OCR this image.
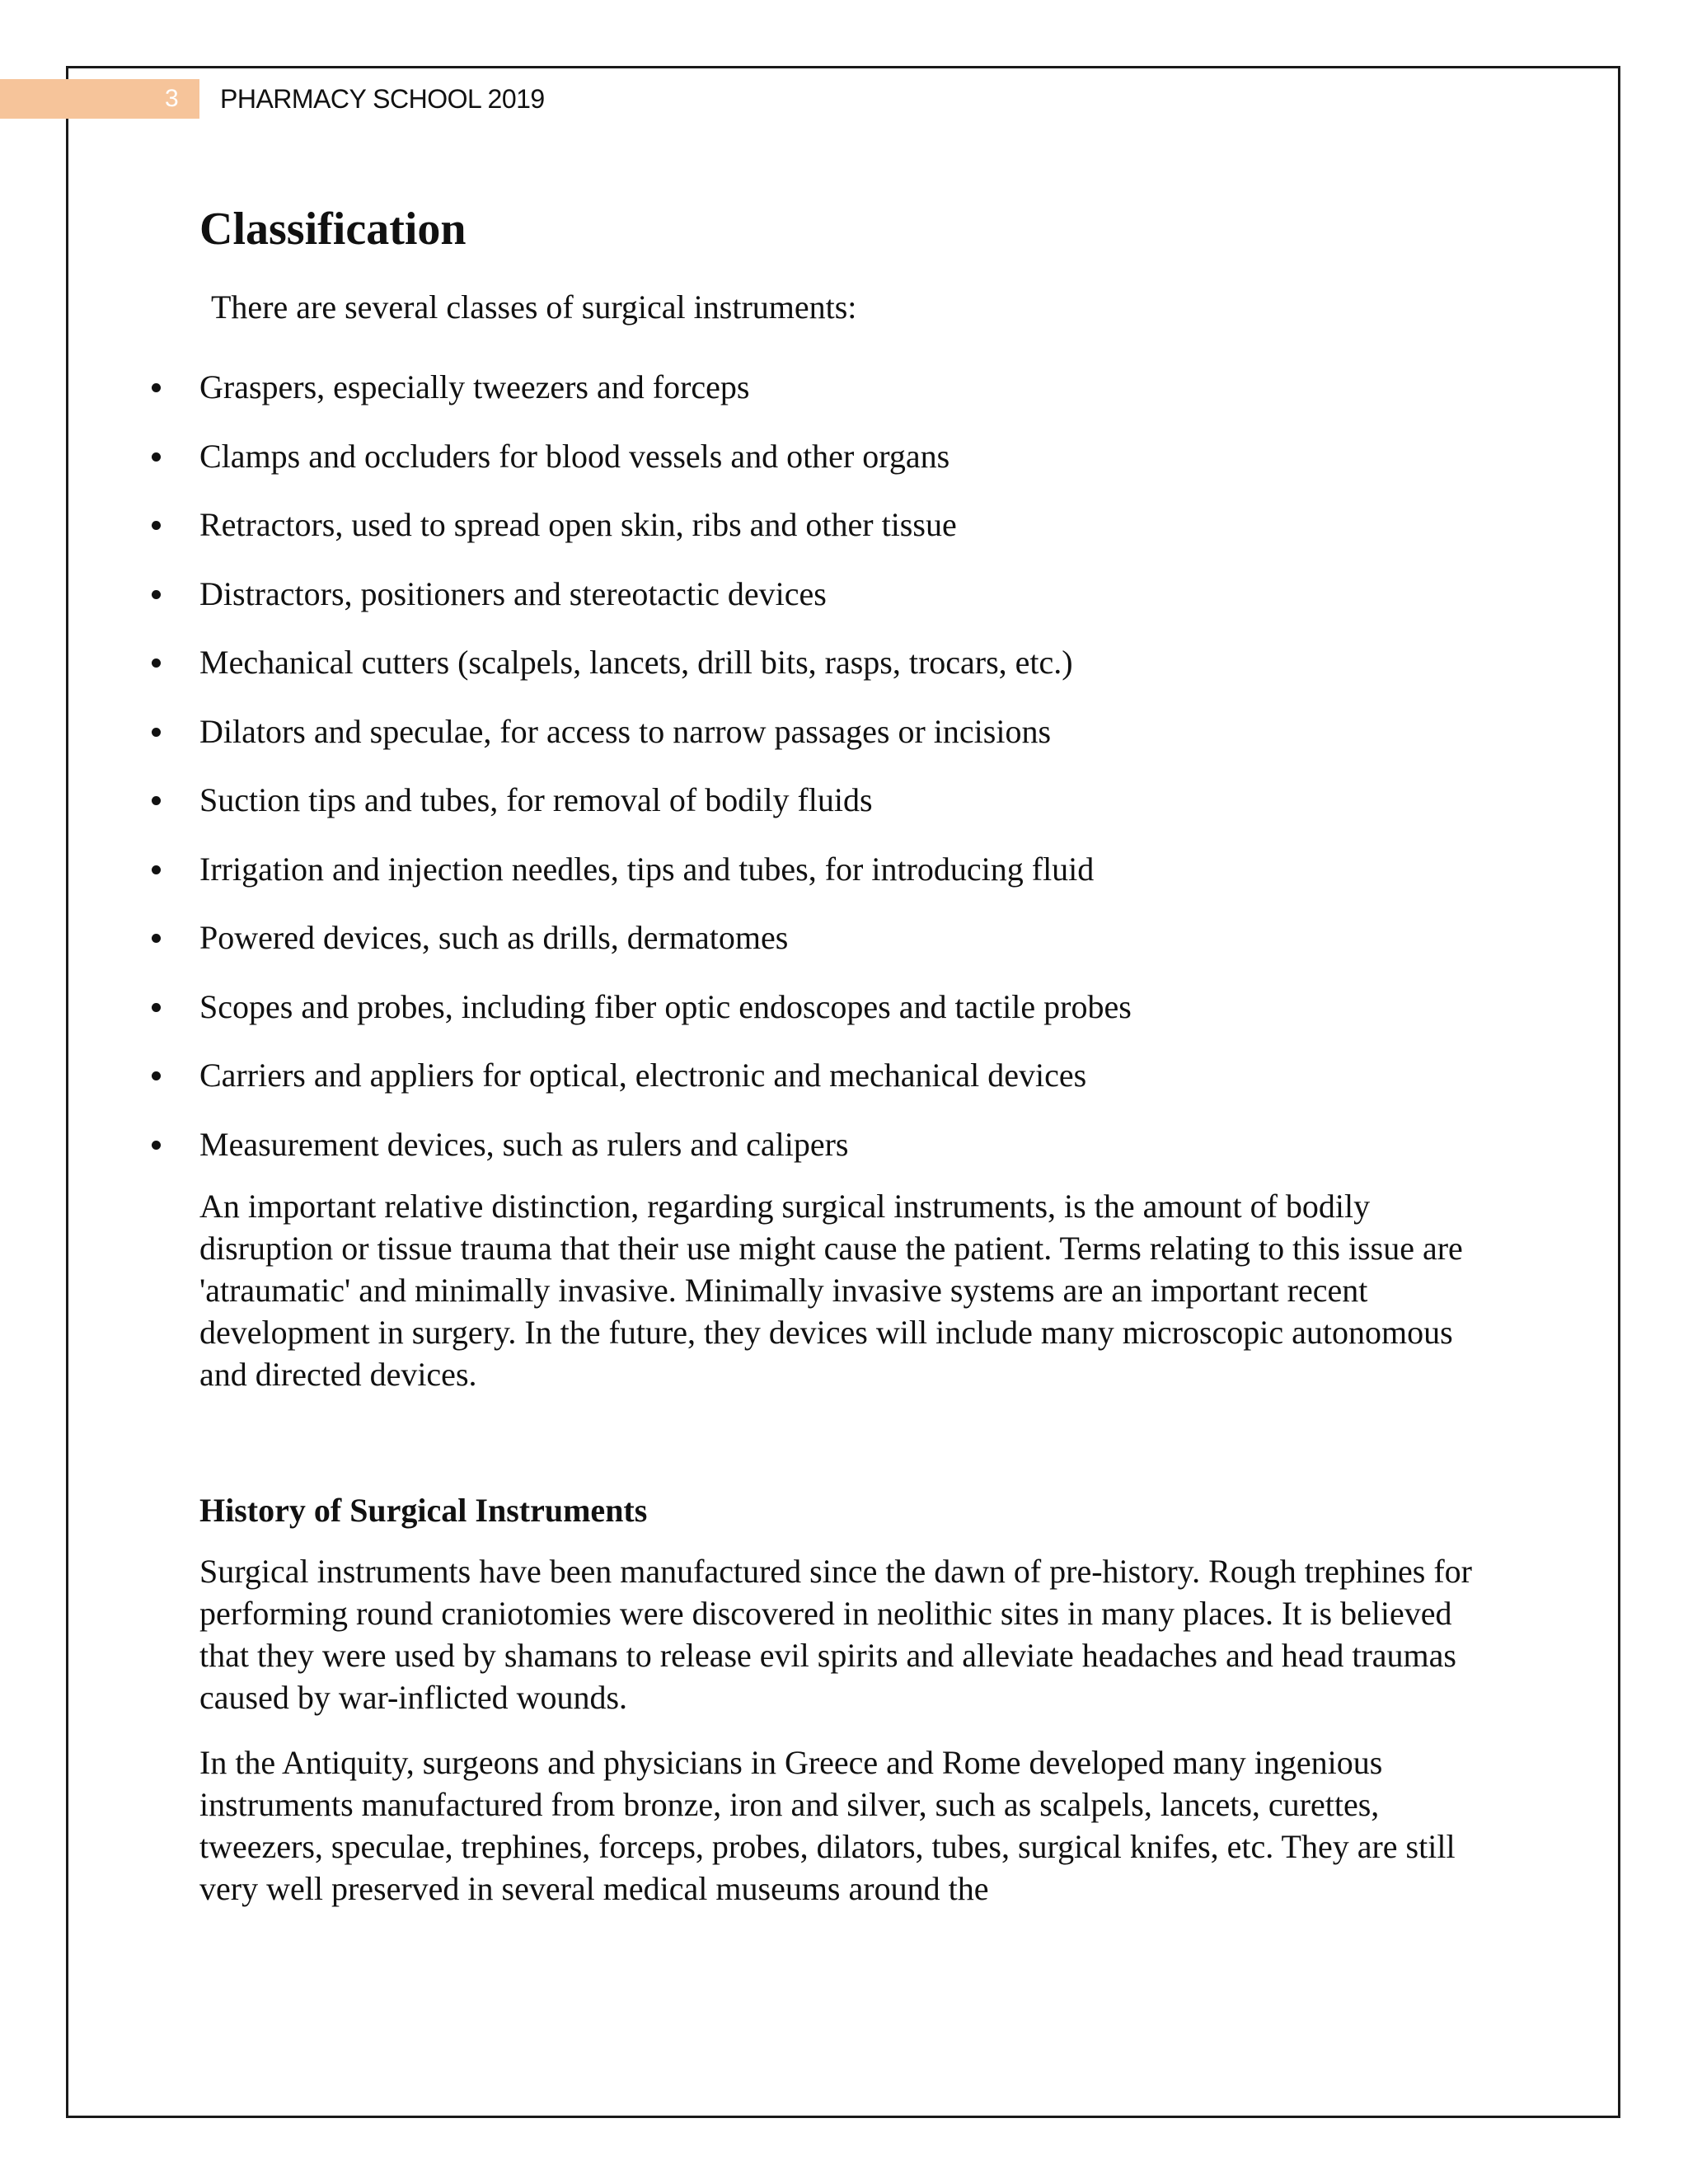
3 PHARMACY SCHOOL 2019
Classification
There are several classes of surgical instruments:
Graspers, especially tweezers and forceps
Clamps and occluders for blood vessels and other organs
Retractors, used to spread open skin, ribs and other tissue
Distractors, positioners and stereotactic devices
Mechanical cutters (scalpels, lancets, drill bits, rasps, trocars, etc.)
Dilators and speculae, for access to narrow passages or incisions
Suction tips and tubes, for removal of bodily fluids
Irrigation and injection needles, tips and tubes, for introducing fluid
Powered devices, such as drills, dermatomes
Scopes and probes, including fiber optic endoscopes and tactile probes
Carriers and appliers for optical, electronic and mechanical devices
Measurement devices, such as rulers and calipers

An important relative distinction, regarding surgical instruments, is the amount of bodily disruption or tissue trauma that their use might cause the patient. Terms relating to this issue are 'atraumatic' and minimally invasive. Minimally invasive systems are an important recent development in surgery. In the future, they devices will include many microscopic autonomous and directed devices.

History of Surgical Instruments

Surgical instruments have been manufactured since the dawn of pre-history. Rough trephines for performing round craniotomies were discovered in neolithic sites in many places. It is believed that they were used by shamans to release evil spirits and alleviate headaches and head traumas caused by war-inflicted wounds.

In the Antiquity, surgeons and physicians in Greece and Rome developed many ingenious instruments manufactured from bronze, iron and silver, such as scalpels, lancets, curettes, tweezers, speculae, trephines, forceps, probes, dilators, tubes, surgical knifes, etc. They are still very well preserved in several medical museums around the
